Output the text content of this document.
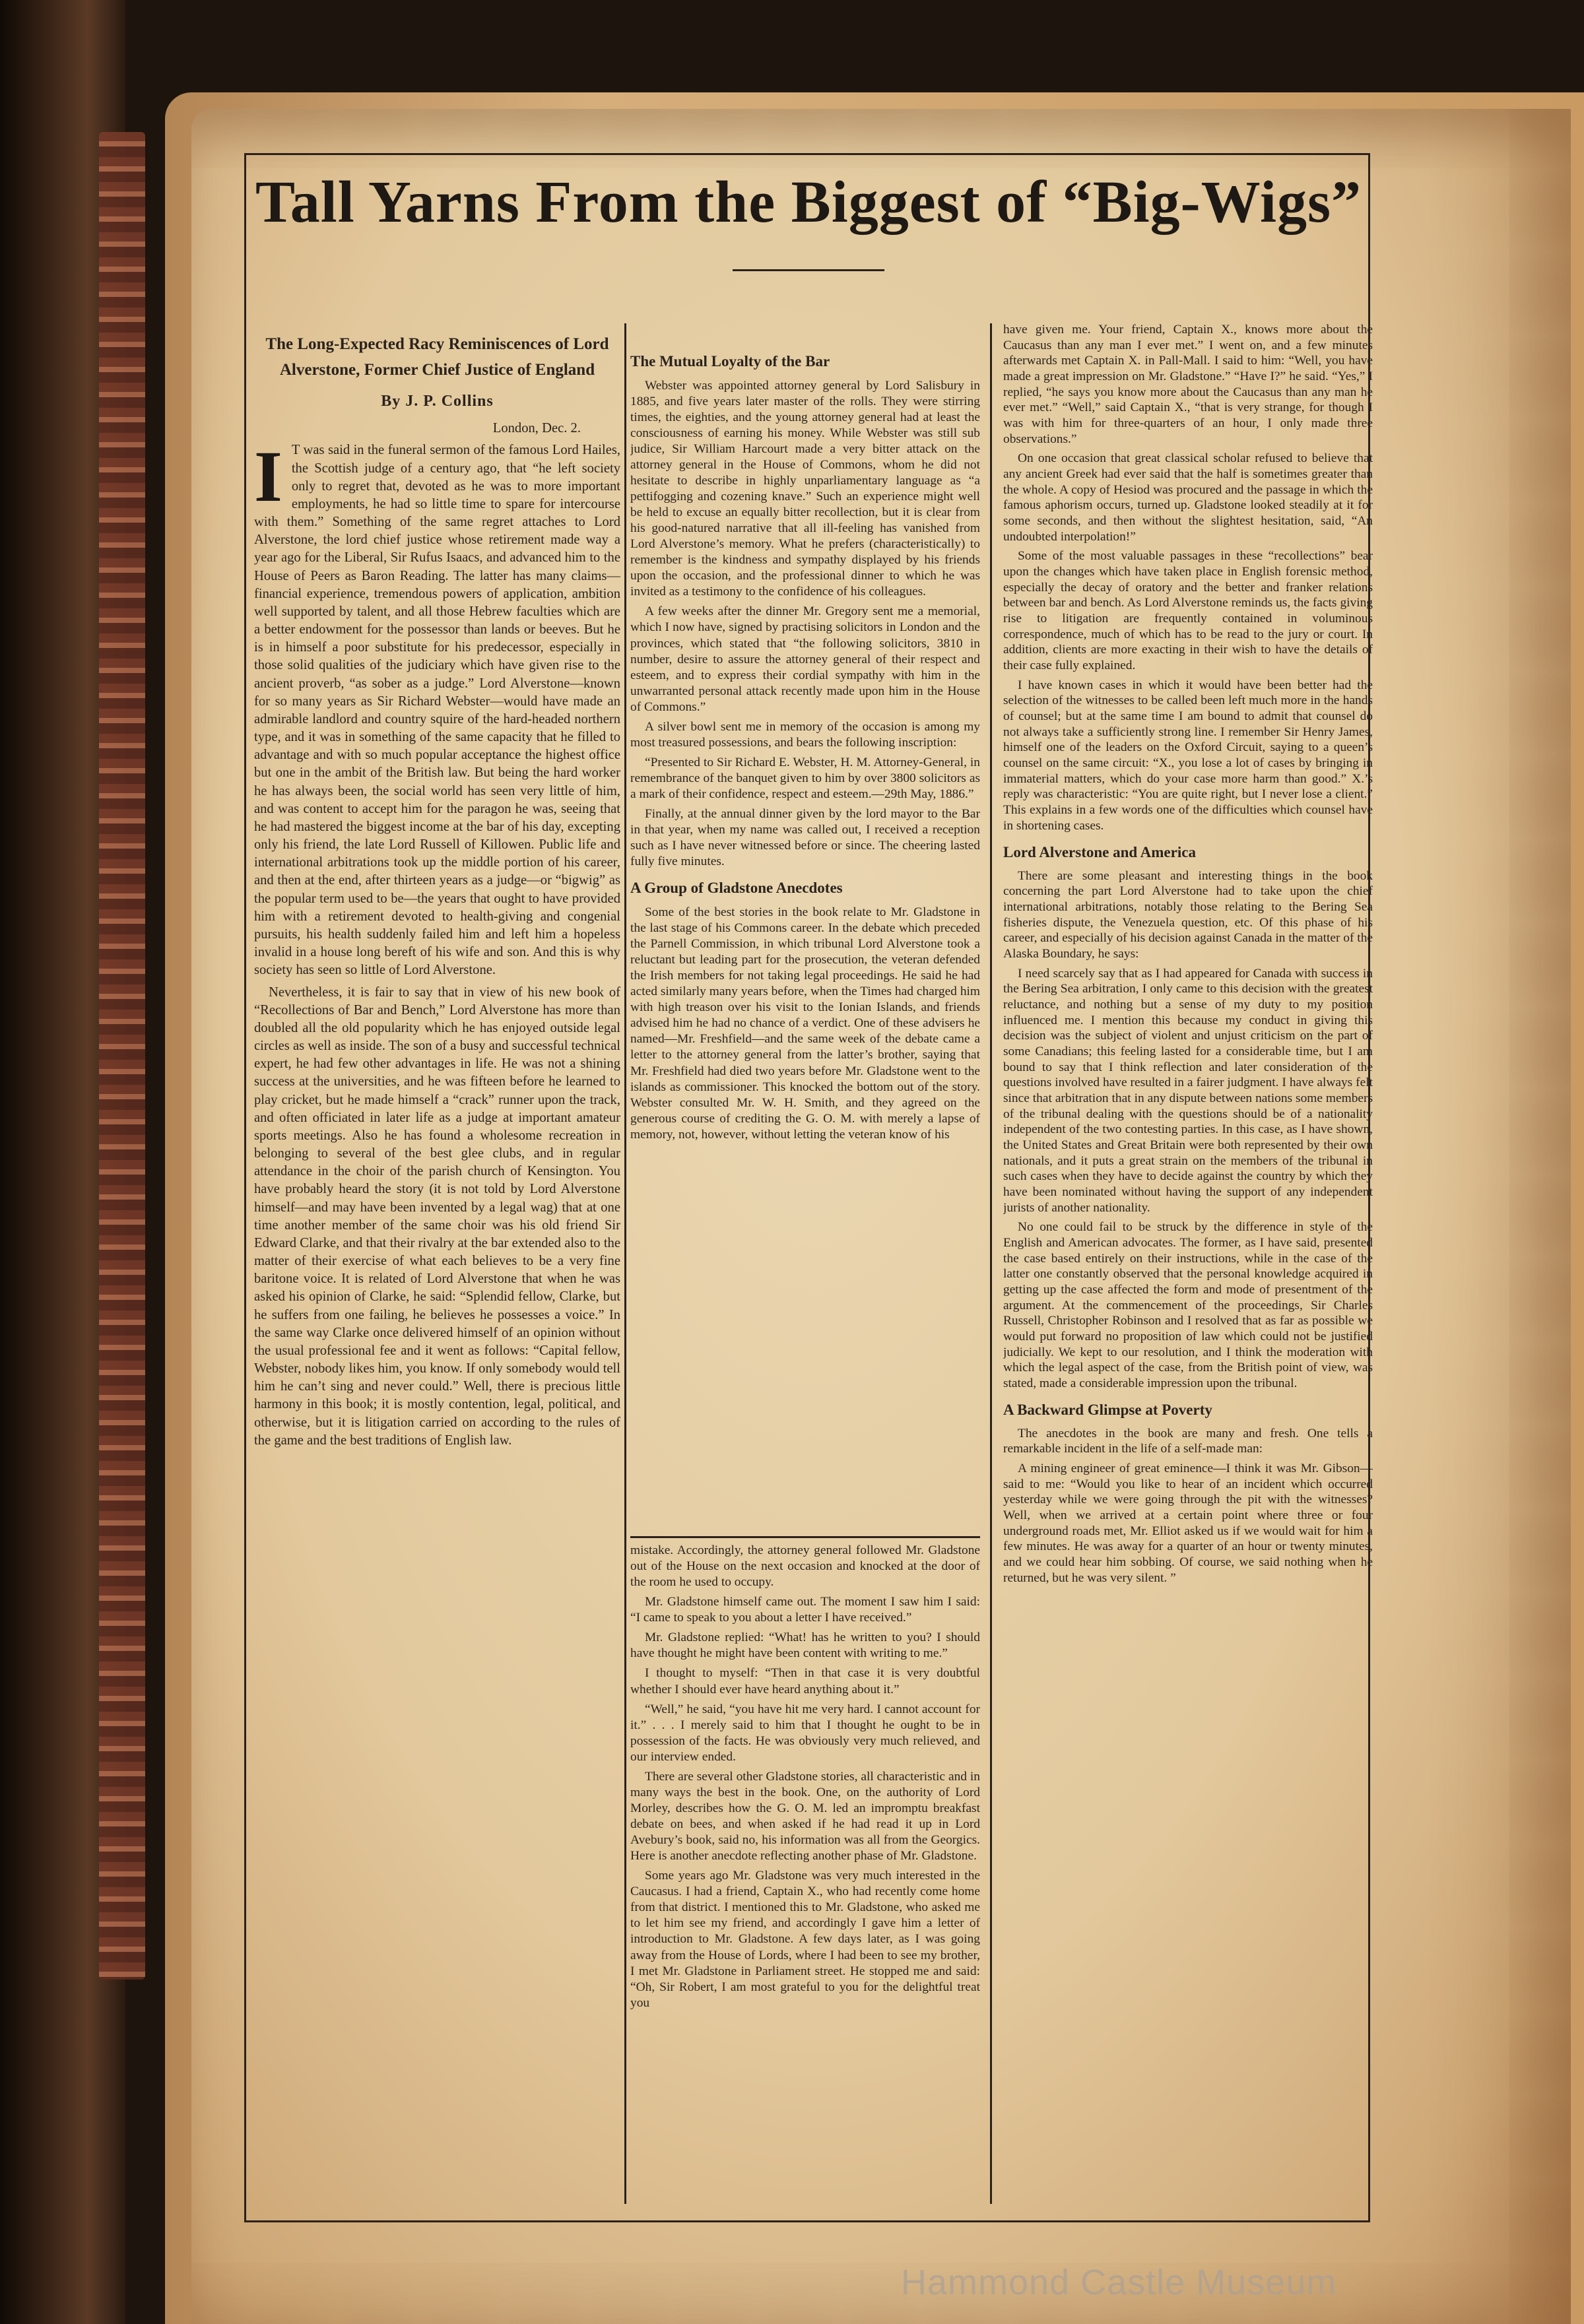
Tall Yarns From the Biggest of “Big-Wigs”
The Long-Expected Racy Reminiscences of Lord Alverstone, Former Chief Justice of England
By J. P. Collins
London, Dec. 2.

I T was said in the funeral sermon of the famous Lord Hailes, the Scottish judge of a century ago, that “he left society only to regret that, devoted as he was to more important employments, he had so little time to spare for intercourse with them.” Something of the same regret attaches to Lord Alverstone, the lord chief justice whose retirement made way a year ago for the Liberal, Sir Rufus Isaacs, and advanced him to the House of Peers as Baron Reading. The latter has many claims—financial experience, tremendous powers of application, ambition well supported by talent, and all those Hebrew faculties which are a better endowment for the possessor than lands or beeves. But he is in himself a poor substitute for his predecessor, especially in those solid qualities of the judiciary which have given rise to the ancient proverb, “as sober as a judge.” Lord Alverstone—known for so many years as Sir Richard Webster—would have made an admirable landlord and country squire of the hard-headed northern type, and it was in something of the same capacity that he filled to advantage and with so much popular acceptance the highest office but one in the ambit of the British law. But being the hard worker he has always been, the social world has seen very little of him, and was content to accept him for the paragon he was, seeing that he had mastered the biggest income at the bar of his day, excepting only his friend, the late Lord Russell of Killowen. Public life and international arbitrations took up the middle portion of his career, and then at the end, after thirteen years as a judge—or “bigwig” as the popular term used to be—the years that ought to have provided him with a retirement devoted to health-giving and congenial pursuits, his health suddenly failed him and left him a hopeless invalid in a house long bereft of his wife and son. And this is why society has seen so little of Lord Alverstone.

Nevertheless, it is fair to say that in view of his new book of “Recollections of Bar and Bench,” Lord Alverstone has more than doubled all the old popularity which he has enjoyed outside legal circles as well as inside. The son of a busy and successful technical expert, he had few other advantages in life. He was not a shining success at the universities, and he was fifteen before he learned to play cricket, but he made himself a “crack” runner upon the track, and often officiated in later life as a judge at important amateur sports meetings. Also he has found a wholesome recreation in belonging to several of the best glee clubs, and in regular attendance in the choir of the parish church of Kensington. You have probably heard the story (it is not told by Lord Alverstone himself—and may have been invented by a legal wag) that at one time another member of the same choir was his old friend Sir Edward Clarke, and that their rivalry at the bar extended also to the matter of their exercise of what each believes to be a very fine baritone voice. It is related of Lord Alverstone that when he was asked his opinion of Clarke, he said: “Splendid fellow, Clarke, but he suffers from one failing, he believes he possesses a voice.” In the same way Clarke once delivered himself of an opinion without the usual professional fee and it went as follows: “Capital fellow, Webster, nobody likes him, you know. If only somebody would tell him he can’t sing and never could.” Well, there is precious little harmony in this book; it is mostly contention, legal, political, and otherwise, but it is litigation carried on according to the rules of the game and the best traditions of English law.

The Mutual Loyalty of the Bar

Webster was appointed attorney general by Lord Salisbury in 1885, and five years later master of the rolls. They were stirring times, the eighties, and the young attorney general had at least the consciousness of earning his money. While Webster was still sub judice, Sir William Harcourt made a very bitter attack on the attorney general in the House of Commons, whom he did not hesitate to describe in highly unparliamentary language as “a pettifogging and cozening knave.” Such an experience might well be held to excuse an equally bitter recollection, but it is clear from his good-natured narrative that all ill-feeling has vanished from Lord Alverstone’s memory. What he prefers (characteristically) to remember is the kindness and sympathy displayed by his friends upon the occasion, and the professional dinner to which he was invited as a testimony to the confidence of his colleagues.

A few weeks after the dinner Mr. Gregory sent me a memorial, which I now have, signed by practising solicitors in London and the provinces, which stated that “the following solicitors, 3810 in number, desire to assure the attorney general of their respect and esteem, and to express their cordial sympathy with him in the unwarranted personal attack recently made upon him in the House of Commons.”

A silver bowl sent me in memory of the occasion is among my most treasured possessions, and bears the following inscription:

“Presented to Sir Richard E. Webster, H. M. Attorney-General, in remembrance of the banquet given to him by over 3800 solicitors as a mark of their confidence, respect and esteem.—29th May, 1886.”

Finally, at the annual dinner given by the lord mayor to the Bar in that year, when my name was called out, I received a reception such as I have never witnessed before or since. The cheering lasted fully five minutes.

A Group of Gladstone Anecdotes

Some of the best stories in the book relate to Mr. Gladstone in the last stage of his Commons career. In the debate which preceded the Parnell Commission, in which tribunal Lord Alverstone took a reluctant but leading part for the prosecution, the veteran defended the Irish members for not taking legal proceedings. He said he had acted similarly many years before, when the Times had charged him with high treason over his visit to the Ionian Islands, and friends advised him he had no chance of a verdict. One of these advisers he named—Mr. Freshfield—and the same week of the debate came a letter to the attorney general from the latter’s brother, saying that Mr. Freshfield had died two years before Mr. Gladstone went to the islands as commissioner. This knocked the bottom out of the story. Webster consulted Mr. W. H. Smith, and they agreed on the generous course of crediting the G. O. M. with merely a lapse of memory, not, however, without letting the veteran know of his

mistake. Accordingly, the attorney general followed Mr. Gladstone out of the House on the next occasion and knocked at the door of the room he used to occupy.

Mr. Gladstone himself came out. The moment I saw him I said: “I came to speak to you about a letter I have received.”

Mr. Gladstone replied: “What! has he written to you? I should have thought he might have been content with writing to me.”

I thought to myself: “Then in that case it is very doubtful whether I should ever have heard anything about it.”

“Well,” he said, “you have hit me very hard. I cannot account for it.” . . . I merely said to him that I thought he ought to be in possession of the facts. He was obviously very much relieved, and our interview ended.

There are several other Gladstone stories, all characteristic and in many ways the best in the book. One, on the authority of Lord Morley, describes how the G. O. M. led an impromptu breakfast debate on bees, and when asked if he had read it up in Lord Avebury’s book, said no, his information was all from the Georgics. Here is another anecdote reflecting another phase of Mr. Gladstone.

Some years ago Mr. Gladstone was very much interested in the Caucasus. I had a friend, Captain X., who had recently come home from that district. I mentioned this to Mr. Gladstone, who asked me to let him see my friend, and accordingly I gave him a letter of introduction to Mr. Gladstone. A few days later, as I was going away from the House of Lords, where I had been to see my brother, I met Mr. Gladstone in Parliament street. He stopped me and said: “Oh, Sir Robert, I am most grateful to you for the delightful treat you

have given me. Your friend, Captain X., knows more about the Caucasus than any man I ever met.” I went on, and a few minutes afterwards met Captain X. in Pall-Mall. I said to him: “Well, you have made a great impression on Mr. Gladstone.” “Have I?” he said. “Yes,” I replied, “he says you know more about the Caucasus than any man he ever met.” “Well,” said Captain X., “that is very strange, for though I was with him for three-quarters of an hour, I only made three observations.”

On one occasion that great classical scholar refused to believe that any ancient Greek had ever said that the half is sometimes greater than the whole. A copy of Hesiod was procured and the passage in which the famous aphorism occurs, turned up. Gladstone looked steadily at it for some seconds, and then without the slightest hesitation, said, “An undoubted interpolation!”

Some of the most valuable passages in these “recollections” bear upon the changes which have taken place in English forensic method, especially the decay of oratory and the better and franker relations between bar and bench. As Lord Alverstone reminds us, the facts giving rise to litigation are frequently contained in voluminous correspondence, much of which has to be read to the jury or court. In addition, clients are more exacting in their wish to have the details of their case fully explained.

I have known cases in which it would have been better had the selection of the witnesses to be called been left much more in the hands of counsel; but at the same time I am bound to admit that counsel do not always take a sufficiently strong line. I remember Sir Henry James, himself one of the leaders on the Oxford Circuit, saying to a queen’s counsel on the same circuit: “X., you lose a lot of cases by bringing in immaterial matters, which do your case more harm than good.” X.’s reply was characteristic: “You are quite right, but I never lose a client.” This explains in a few words one of the difficulties which counsel have in shortening cases.

Lord Alverstone and America

There are some pleasant and interesting things in the book concerning the part Lord Alverstone had to take upon the chief international arbitrations, notably those relating to the Bering Sea fisheries dispute, the Venezuela question, etc. Of this phase of his career, and especially of his decision against Canada in the matter of the Alaska Boundary, he says:

I need scarcely say that as I had appeared for Canada with success in the Bering Sea arbitration, I only came to this decision with the greatest reluctance, and nothing but a sense of my duty to my position influenced me. I mention this because my conduct in giving this decision was the subject of violent and unjust criticism on the part of some Canadians; this feeling lasted for a considerable time, but I am bound to say that I think reflection and later consideration of the questions involved have resulted in a fairer judgment. I have always felt since that arbitration that in any dispute between nations some members of the tribunal dealing with the questions should be of a nationality independent of the two contesting parties. In this case, as I have shown, the United States and Great Britain were both represented by their own nationals, and it puts a great strain on the members of the tribunal in such cases when they have to decide against the country by which they have been nominated without having the support of any independent jurists of another nationality.

No one could fail to be struck by the difference in style of the English and American advocates. The former, as I have said, presented the case based entirely on their instructions, while in the case of the latter one constantly observed that the personal knowledge acquired in getting up the case affected the form and mode of presentment of the argument. At the commencement of the proceedings, Sir Charles Russell, Christopher Robinson and I resolved that as far as possible we would put forward no proposition of law which could not be justified judicially. We kept to our resolution, and I think the moderation with which the legal aspect of the case, from the British point of view, was stated, made a considerable impression upon the tribunal.

A Backward Glimpse at Poverty

The anecdotes in the book are many and fresh. One tells a remarkable incident in the life of a self-made man:

A mining engineer of great eminence—I think it was Mr. Gibson—said to me: “Would you like to hear of an incident which occurred yesterday while we were going through the pit with the witnesses? Well, when we arrived at a certain point where three or four underground roads met, Mr. Elliot asked us if we would wait for him a few minutes. He was away for a quarter of an hour or twenty minutes, and we could hear him sobbing. Of course, we said nothing when he returned, but he was very silent. ”

Hammond Castle Museum
